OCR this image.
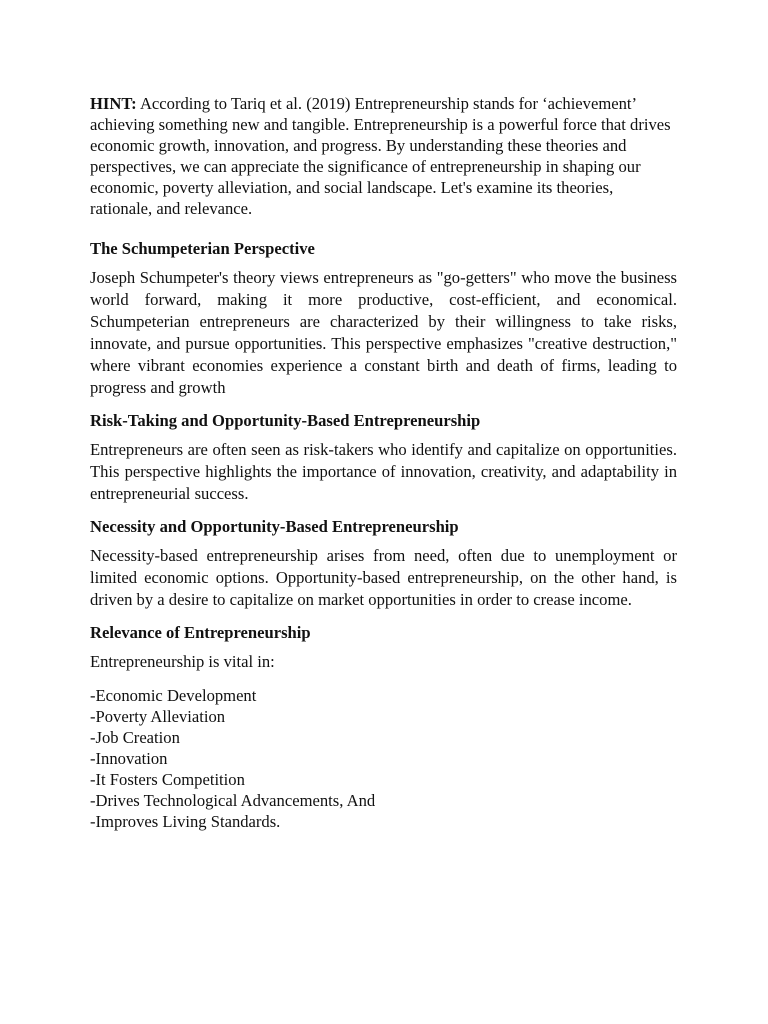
HINT: According to Tariq et al. (2019) Entrepreneurship stands for ‘achievement’ achieving something new and tangible. Entrepreneurship is a powerful force that drives economic growth, innovation, and progress. By understanding these theories and perspectives, we can appreciate the significance of entrepreneurship in shaping our economic, poverty alleviation, and social landscape. Let's examine its theories, rationale, and relevance.

The Schumpeterian Perspective

Joseph Schumpeter's theory views entrepreneurs as "go-getters" who move the business world forward, making it more productive, cost-efficient, and economical. Schumpeterian entrepreneurs are characterized by their willingness to take risks, innovate, and pursue opportunities. This perspective emphasizes "creative destruction," where vibrant economies experience a constant birth and death of firms, leading to progress and growth

Risk-Taking and Opportunity-Based Entrepreneurship

Entrepreneurs are often seen as risk-takers who identify and capitalize on opportunities. This perspective highlights the importance of innovation, creativity, and adaptability in entrepreneurial success.

Necessity and Opportunity-Based Entrepreneurship

Necessity-based entrepreneurship arises from need, often due to unemployment or limited economic options. Opportunity-based entrepreneurship, on the other hand, is driven by a desire to capitalize on market opportunities in order to crease income.

Relevance of Entrepreneurship

Entrepreneurship is vital in:

-Economic Development
-Poverty Alleviation
-Job Creation
-Innovation
-It Fosters Competition
-Drives Technological Advancements, And
-Improves Living Standards.
